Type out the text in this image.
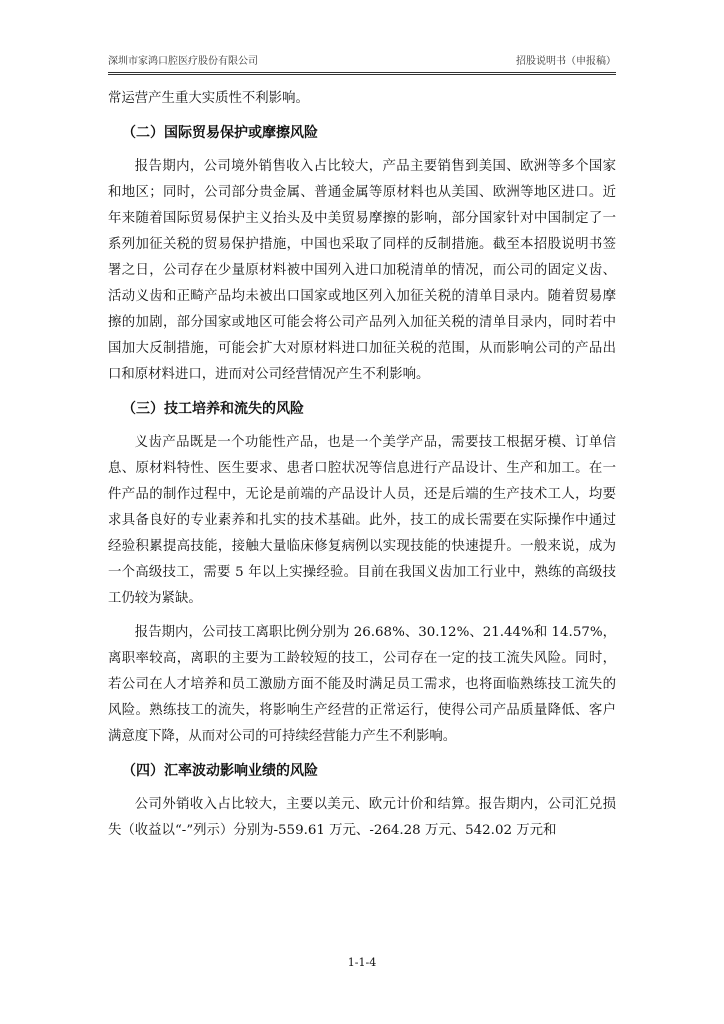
深圳市家鸿口腔医疗股份有限公司	招股说明书（申报稿）

常运营产生重大实质性不利影响。

（二）国际贸易保护或摩擦风险

报告期内，公司境外销售收入占比较大，产品主要销售到美国、欧洲等多个国家和地区；同时，公司部分贵金属、普通金属等原材料也从美国、欧洲等地区进口。近年来随着国际贸易保护主义抬头及中美贸易摩擦的影响，部分国家针对中国制定了一系列加征关税的贸易保护措施，中国也采取了同样的反制措施。截至本招股说明书签署之日，公司存在少量原材料被中国列入进口加税清单的情况，而公司的固定义齿、活动义齿和正畸产品均未被出口国家或地区列入加征关税的清单目录内。随着贸易摩擦的加剧，部分国家或地区可能会将公司产品列入加征关税的清单目录内，同时若中国加大反制措施，可能会扩大对原材料进口加征关税的范围，从而影响公司的产品出口和原材料进口，进而对公司经营情况产生不利影响。

（三）技工培养和流失的风险

义齿产品既是一个功能性产品，也是一个美学产品，需要技工根据牙模、订单信息、原材料特性、医生要求、患者口腔状况等信息进行产品设计、生产和加工。在一件产品的制作过程中，无论是前端的产品设计人员，还是后端的生产技术工人，均要求具备良好的专业素养和扎实的技术基础。此外，技工的成长需要在实际操作中通过经验积累提高技能，接触大量临床修复病例以实现技能的快速提升。一般来说，成为一个高级技工，需要 5 年以上实操经验。目前在我国义齿加工行业中，熟练的高级技工仍较为紧缺。

报告期内，公司技工离职比例分别为 26.68%、30.12%、21.44%和 14.57%，离职率较高，离职的主要为工龄较短的技工，公司存在一定的技工流失风险。同时，若公司在人才培养和员工激励方面不能及时满足员工需求，也将面临熟练技工流失的风险。熟练技工的流失，将影响生产经营的正常运行，使得公司产品质量降低、客户满意度下降，从而对公司的可持续经营能力产生不利影响。

（四）汇率波动影响业绩的风险

公司外销收入占比较大，主要以美元、欧元计价和结算。报告期内，公司汇兑损失（收益以“-”列示）分别为-559.61 万元、-264.28 万元、542.02 万元和

1-1-4
